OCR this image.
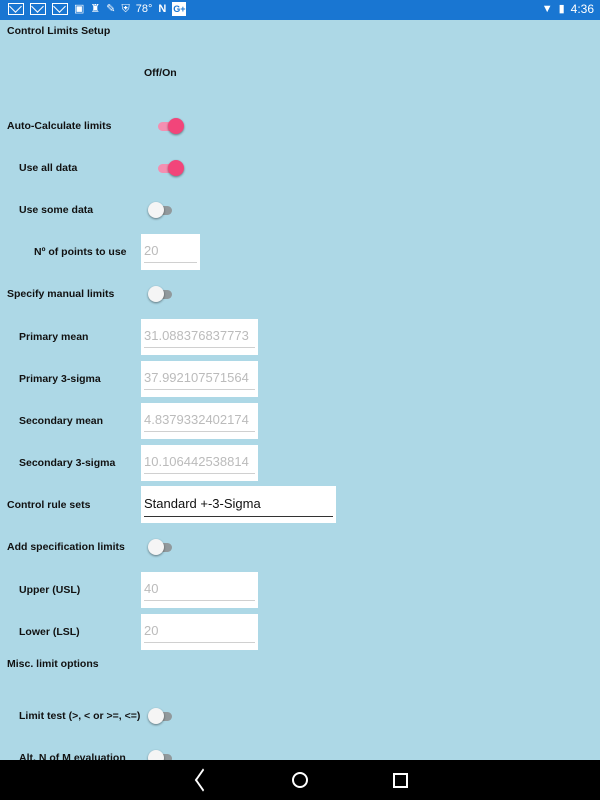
▣ ♜ ✎ ⛨ 78° N G+	▼ ▮ 4:36
Control Limits Setup
Off/On
Auto-Calculate limits
Use all data
Use some data
Nº of points to use
20
Specify manual limits
Primary mean
31.088376837773
Primary 3-sigma
37.992107571564
Secondary mean
4.8379332402174
Secondary 3-sigma
10.106442538814
Control rule sets	Standard +-3-Sigma
Add specification limits
Upper (USL)
40
Lower (LSL)
20
Misc. limit options
Limit test (>, < or >=, <=)
Alt. N of M evaluation
